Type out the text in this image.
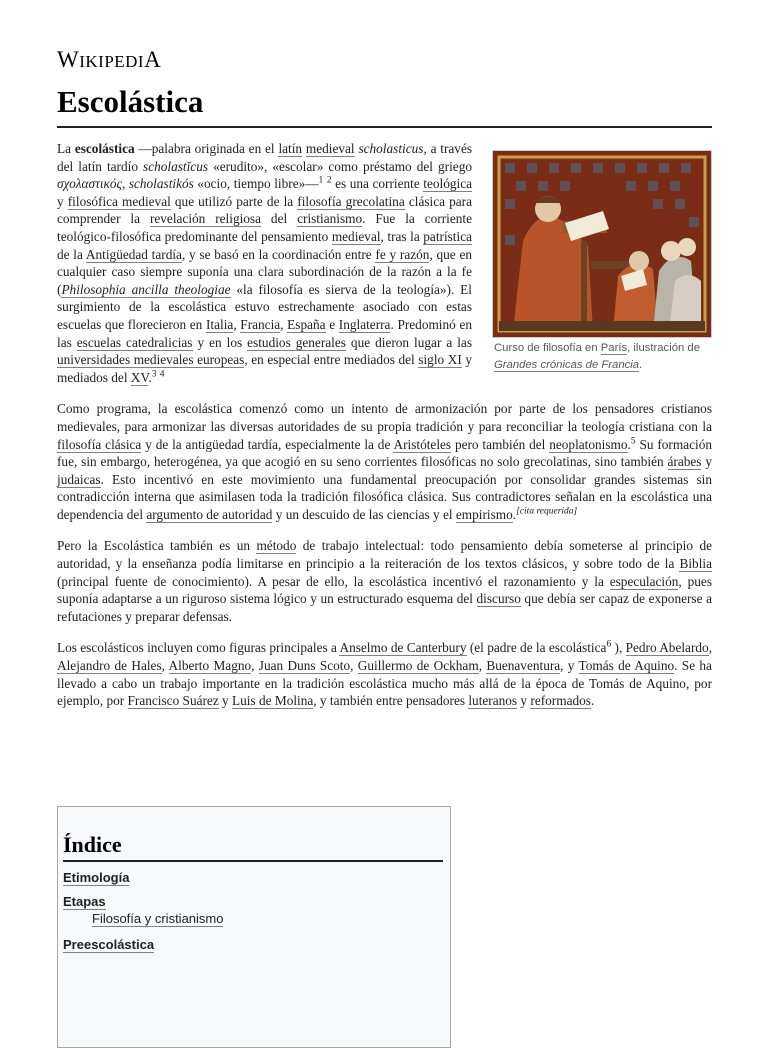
WIKIPEDIA
Escolástica
Curso de filosofía en París, ilustración de Grandes crónicas de Francia.

La escolástica —palabra originada en el latín medieval scholasticus, a través del latín tardío scholastĭcus «erudito», «escolar» como préstamo del griego σχολαστικός, scholastikós «ocio, tiempo libre»—$^1$ $^2$ es una corriente teológica y filosófica medieval que utilizó parte de la filosofía grecolatina clásica para comprender la revelación religiosa del cristianismo. Fue la corriente teológico-filosófica predominante del pensamiento medieval, tras la patrística de la Antigüedad tardía, y se basó en la coordinación entre fe y razón, que en cualquier caso siempre suponía una clara subordinación de la razón a la fe (Philosophia ancilla theologiae «la filosofía es sierva de la teología»). El surgimiento de la escolástica estuvo estrechamente asociado con estas escuelas que florecieron en Italia, Francia, España e Inglaterra. Predominó en las escuelas catedralicias y en los estudios generales que dieron lugar a las universidades medievales europeas, en especial entre mediados del siglo XI y mediados del XV.$^3$ $^4$

Como programa, la escolástica comenzó como un intento de armonización por parte de los pensadores cristianos medievales, para armonizar las diversas autoridades de su propia tradición y para reconciliar la teología cristiana con la filosofía clásica y de la antigüedad tardía, especialmente la de Aristóteles pero también del neoplatonismo.$^5$ Su formación fue, sin embargo, heterogénea, ya que acogió en su seno corrientes filosóficas no solo grecolatinas, sino también árabes y judaicas. Esto incentivó en este movimiento una fundamental preocupación por consolidar grandes sistemas sin contradicción interna que asimilasen toda la tradición filosófica clásica. Sus contradictores señalan en la escolástica una dependencia del argumento de autoridad y un descuido de las ciencias y el empirismo.[cita requerida]

Pero la Escolástica también es un método de trabajo intelectual: todo pensamiento debía someterse al principio de autoridad, y la enseñanza podía limitarse en principio a la reiteración de los textos clásicos, y sobre todo de la Biblia (principal fuente de conocimiento). A pesar de ello, la escolástica incentivó el razonamiento y la especulación, pues suponía adaptarse a un riguroso sistema lógico y un estructurado esquema del discurso que debía ser capaz de exponerse a refutaciones y preparar defensas.

Los escolásticos incluyen como figuras principales a Anselmo de Canterbury (el padre de la escolástica$^6$ ), Pedro Abelardo, Alejandro de Hales, Alberto Magno, Juan Duns Scoto, Guillermo de Ockham, Buenaventura, y Tomás de Aquino. Se ha llevado a cabo un trabajo importante en la tradición escolástica mucho más allá de la época de Tomás de Aquino, por ejemplo, por Francisco Suárez y Luis de Molina, y también entre pensadores luteranos y reformados.

Índice
Etimología
Etapas
Filosofía y cristianismo
Preescolástica
